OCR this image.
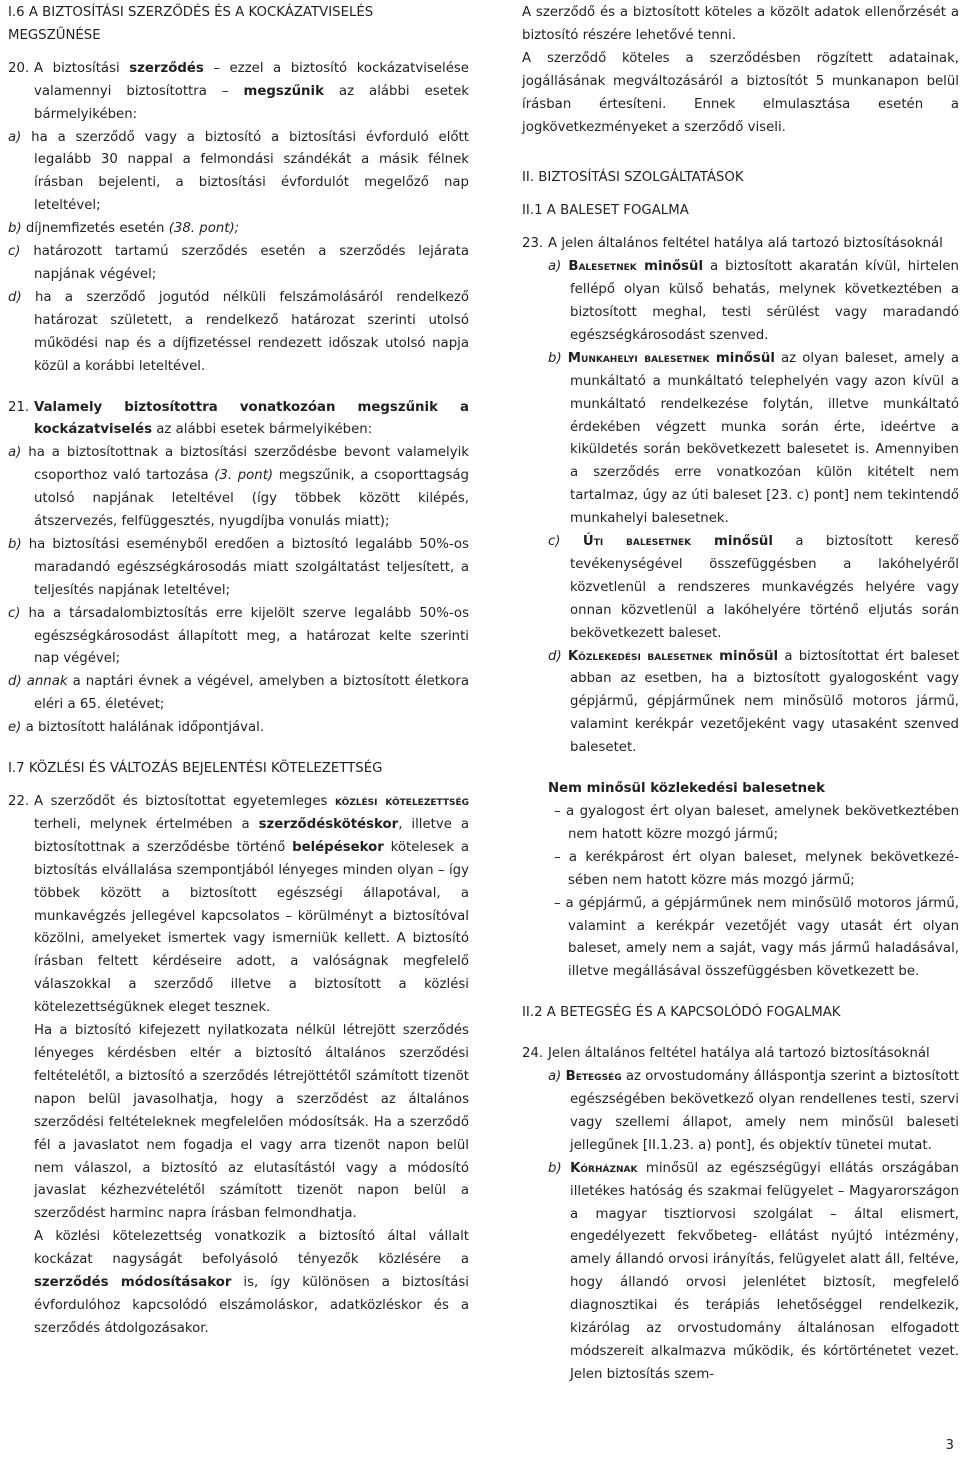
I.6 A BIZTOSÍTÁSI SZERZŐDÉS ÉS A KOCKÁZATVISELÉS MEGSZŰNÉSE

20. A biztosítási szerződés – ezzel a biztosító kockázatviselése valamennyi biztosítottra – megszűnik az alábbi esetek bármelyikében:

a) ha a szerződő vagy a biztosító a biztosítási évforduló előtt legalább 30 nappal a felmondási szándékát a másik félnek írásban bejelenti, a biztosítási évfordulót megelőző nap leteltével;

b) díjnemfizetés esetén (38. pont);

c) határozott tartamú szerződés esetén a szerződés lejárata napjának végével;

d) ha a szerződő jogutód nélküli felszámolásáról rendelkező határozat született, a rendelkező határozat szerinti utolsó működési nap és a díjfizetéssel rendezett időszak utolsó napja közül a korábbi leteltével.

21. Valamely biztosítottra vonatkozóan megszűnik a kockázatviselés az alábbi esetek bármelyikében:

a) ha a biztosítottnak a biztosítási szerződésbe bevont valamelyik csoporthoz való tartozása (3. pont) megszűnik, a csoporttagság utolsó napjának leteltével (így többek között kilépés, átszervezés, felfüggesztés, nyugdíjba vonulás miatt);

b) ha biztosítási eseményből eredően a biztosító legalább 50%-os maradandó egészségkárosodás miatt szolgáltatást teljesített, a teljesítés napjának leteltével;

c) ha a társadalombiztosítás erre kijelölt szerve legalább 50%-os egészségkárosodást állapított meg, a határozat kelte szerinti nap végével;

d) annak a naptári évnek a végével, amelyben a biztosított életkora eléri a 65. életévet;

e) a biztosított halálának időpontjával.

I.7 KÖZLÉSI ÉS VÁLTOZÁS BEJELENTÉSI KÖTELEZETTSÉG

22. A szerződőt és biztosítottat egyetemleges közlési kötelezettség terheli, melynek értelmében a szerződéskötéskor, illetve a biztosítottnak a szerződésbe történő belépésekor kötelesek a biztosítás elvállalása szempontjából lényeges minden olyan – így többek között a biztosított egészségi állapotával, a munkavégzés jellegével kapcsolatos – körülményt a biztosítóval közölni, amelyeket ismertek vagy ismerniük kellett. A biztosító írásban feltett kérdéseire adott, a valóságnak megfelelő válaszokkal a szerződő illetve a biztosított a közlési kötelezettségüknek eleget tesznek.

Ha a biztosító kifejezett nyilatkozata nélkül létrejött szerződés lényeges kérdésben eltér a biztosító általános szerződési feltételétől, a biztosító a szerződés létrejöttétől számított tizenöt napon belül javasolhatja, hogy a szerződést az általános szerződési feltételeknek megfelelően módosítsák. Ha a szerződő fél a javaslatot nem fogadja el vagy arra tizenöt napon belül nem válaszol, a biztosító az elutasítástól vagy a módosító javaslat kézhezvételétől számított tizenöt napon belül a szerződést harminc napra írásban felmondhatja.

A közlési kötelezettség vonatkozik a biztosító által vállalt kockázat nagyságát befolyásoló tényezők közlésére a szerződés módosításakor is, így különösen a biztosítási évfordulóhoz kapcsolódó elszámoláskor, adatközléskor és a szerződés átdolgozásakor.

A szerződő és a biztosított köteles a közölt adatok ellenőrzését a biztosító részére lehetővé tenni.

A szerződő köteles a szerződésben rögzített adatainak, jogállásának megváltozásáról a biztosítót 5 munkanapon belül írásban értesíteni. Ennek elmulasztása esetén a jogkövetkezményeket a szerződő viseli.

II. BIZTOSÍTÁSI SZOLGÁLTATÁSOK

II.1 A BALESET FOGALMA

23. A jelen általános feltétel hatálya alá tartozó biztosításoknál

a) Balesetnek minősül a biztosított akaratán kívül, hirtelen fellépő olyan külső behatás, melynek következtében a biztosított meghal, testi sérülést vagy maradandó egészségkárosodást szenved.

b) Munkahelyi balesetnek minősül az olyan baleset, amely a munkáltató a munkáltató telephelyén vagy azon kívül a munkáltató rendelkezése folytán, illetve munkáltató érdekében végzett munka során érte, ideértve a kiküldetés során bekövetkezett balesetet is. Amennyiben a szerződés erre vonatkozóan külön kitételt nem tartalmaz, úgy az úti baleset [23. c) pont] nem tekintendő munkahelyi balesetnek.

c) Úti balesetnek minősül a biztosított kereső tevékenységével összefüggésben a lakóhelyéről közvetlenül a rendszeres munkavégzés helyére vagy onnan közvetlenül a lakóhelyére történő eljutás során bekövetkezett baleset.

d) Közlekedési balesetnek minősül a biztosítottat ért baleset abban az esetben, ha a biztosított gyalogosként vagy gépjármű, gépjárműnek nem minősülő motoros jármű, valamint kerékpár vezetőjeként vagy utasaként szenved balesetet.

Nem minősül közlekedési balesetnek

– a gyalogost ért olyan baleset, amelynek bekövetkeztében nem hatott közre mozgó jármű;

– a kerékpárost ért olyan baleset, melynek bekövetkezésében nem hatott közre más mozgó jármű;

– a gépjármű, a gépjárműnek nem minősülő motoros jármű, valamint a kerékpár vezetőjét vagy utasát ért olyan baleset, amely nem a saját, vagy más jármű haladásával, illetve megállásával összefüggésben következett be.

II.2 A BETEGSÉG ÉS A KAPCSOLÓDÓ FOGALMAK

24. Jelen általános feltétel hatálya alá tartozó biztosításoknál

a) Betegség az orvostudomány álláspontja szerint a biztosított egészségében bekövetkező olyan rendellenes testi, szervi vagy szellemi állapot, amely nem minősül baleseti jellegűnek [II.1.23. a) pont], és objektív tünetei mutat.

b) Kórháznak minősül az egészségügyi ellátás országában illetékes hatóság és szakmai felügyelet – Magyarországon a magyar tisztiorvosi szolgálat – által elismert, engedélyezett fekvőbeteg- ellátást nyújtó intézmény, amely állandó orvosi irányítás, felügyelet alatt áll, feltéve, hogy állandó orvosi jelenlétet biztosít, megfelelő diagnosztikai és terápiás lehetőséggel rendelkezik, kizárólag az orvostudomány általánosan elfogadott módszereit alkalmazva működik, és kórtörténetet vezet. Jelen biztosítás szem-

3
